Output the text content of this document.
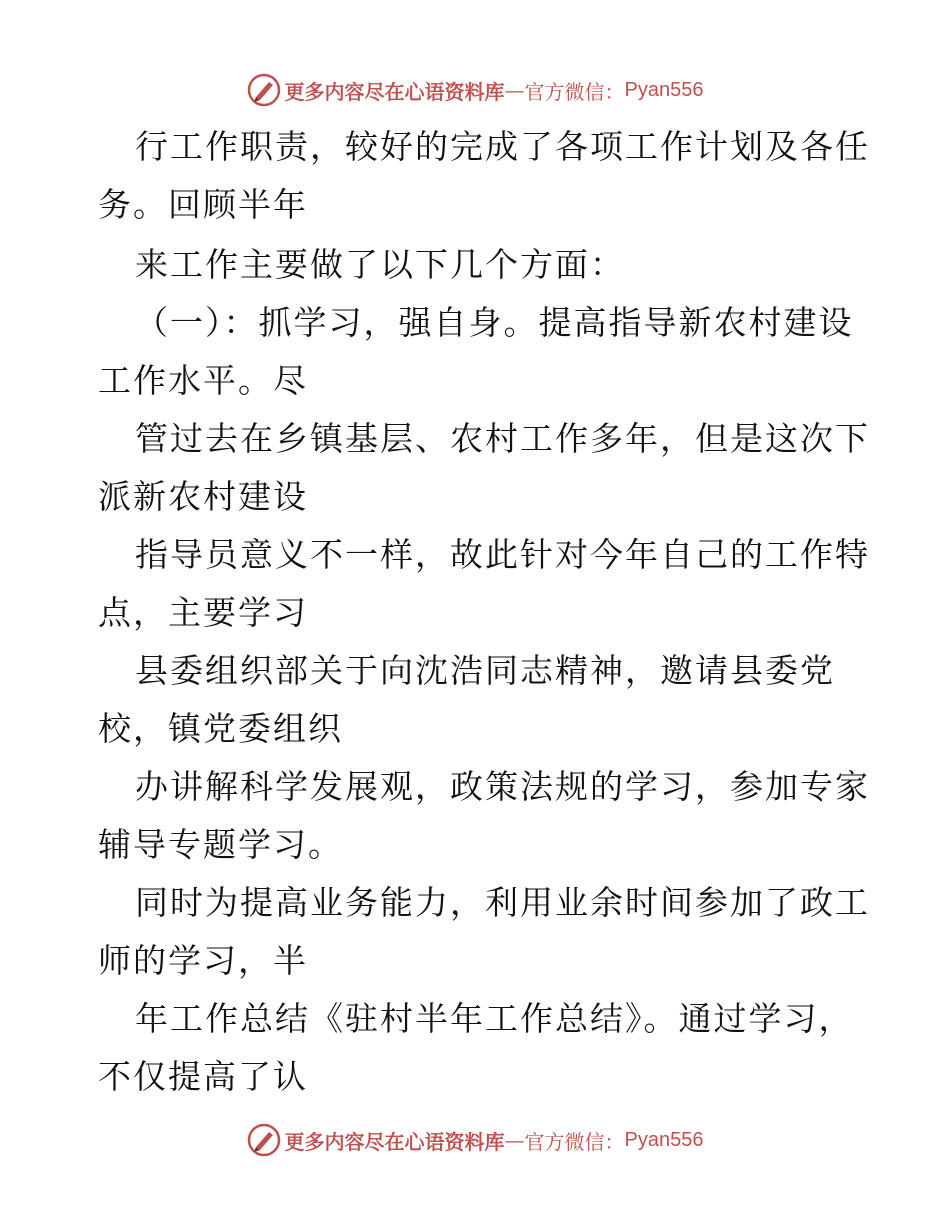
更多内容尽在心语资料库 — 官方微信： Pyan556
行工作职责，较好的完成了各项工作计划及各任
务。回顾半年
来工作主要做了以下几个方面：
（一）：抓学习，强自身。提高指导新农村建设
工作水平。尽
管过去在乡镇基层、农村工作多年，但是这次下
派新农村建设
指导员意义不一样，故此针对今年自己的工作特
点，主要学习
县委组织部关于向沈浩同志精神，邀请县委党
校，镇党委组织
办讲解科学发展观，政策法规的学习，参加专家
辅导专题学习。
同时为提高业务能力，利用业余时间参加了政工
师的学习，半
年工作总结《驻村半年工作总结》。通过学习，
不仅提高了认
更多内容尽在心语资料库 — 官方微信： Pyan556
